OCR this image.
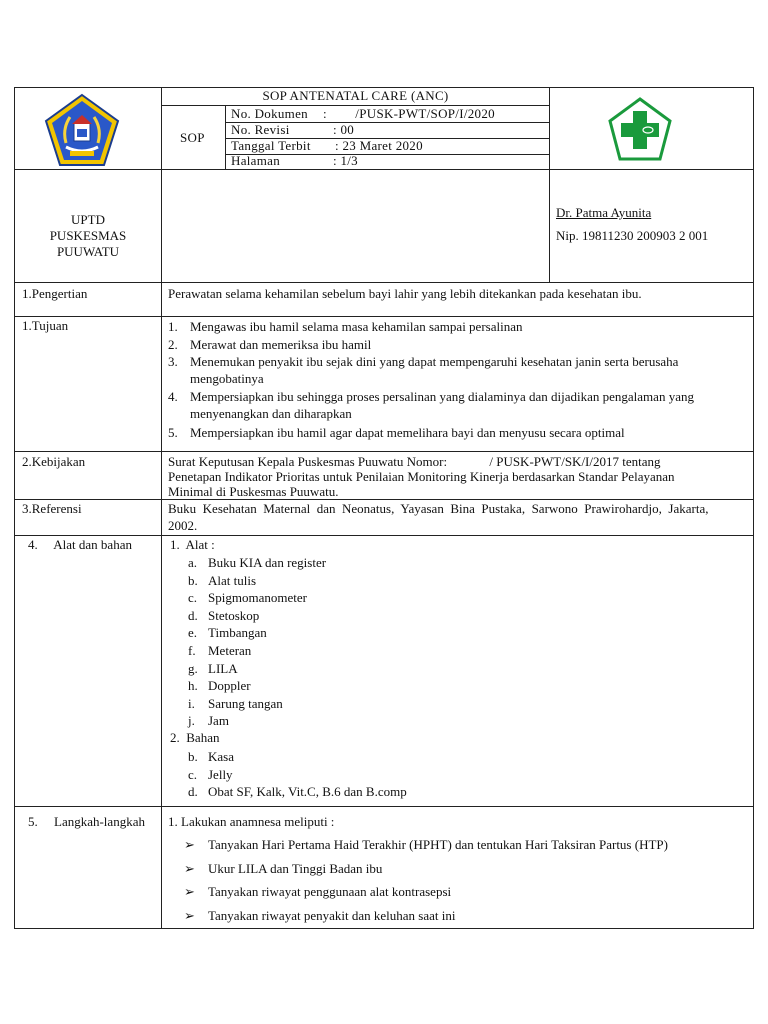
SOP ANTENATAL CARE (ANC)
SOP
No. Dokumen :        /PUSK-PWT/SOP/I/2020
No. Revisi	: 00
Tanggal Terbit : 23 Maret 2020
Halaman	: 1/3
UPTD
PUSKESMAS
PUUWATU
Dr. Patma Ayunita
Nip. 19811230 200903 2 001
1.Pengertian	Perawatan selama kehamilan sebelum bayi lahir yang lebih ditekankan pada kesehatan ibu.
1.Tujuan	1. Mengawas ibu hamil selama masa kehamilan sampai persalinan
2. Merawat dan memeriksa ibu hamil
3. Menemukan penyakit ibu sejak dini yang dapat mempengaruhi kesehatan janin serta berusaha
mengobatinya
4. Mempersiapkan ibu sehingga proses persalinan yang dialaminya dan dijadikan pengalaman yang
menyenangkan dan diharapkan
5. Mempersiapkan ibu hamil agar dapat memelihara bayi dan menyusu secara optimal
2.Kebijakan	Surat Keputusan Kepala Puskesmas Puuwatu Nomor:             / PUSK-PWT/SK/I/2017 tentang
Penetapan Indikator Prioritas untuk Penilaian Monitoring Kinerja berdasarkan Standar Pelayanan
Minimal di Puskesmas Puuwatu.
3.Referensi	Buku  Kesehatan  Maternal  dan  Neonatus,  Yayasan  Bina  Pustaka,  Sarwono  Prawirohardjo,  Jakarta,
2002.
4.     Alat dan bahan	1.  Alat :
a. Buku KIA dan register
b. Alat tulis
c. Spigmomanometer
d. Stetoskop
e. Timbangan
f. Meteran
g. LILA
h. Doppler
i. Sarung tangan
j. Jam
2.  Bahan
b. Kasa
c. Jelly
d. Obat SF, Kalk, Vit.C, B.6 dan B.comp
5.     Langkah-langkah 1. Lakukan anamnesa meliputi :
➢ Tanyakan Hari Pertama Haid Terakhir (HPHT) dan tentukan Hari Taksiran Partus (HTP)
➢ Ukur LILA dan Tinggi Badan ibu
➢ Tanyakan riwayat penggunaan alat kontrasepsi
➢ Tanyakan riwayat penyakit dan keluhan saat ini
